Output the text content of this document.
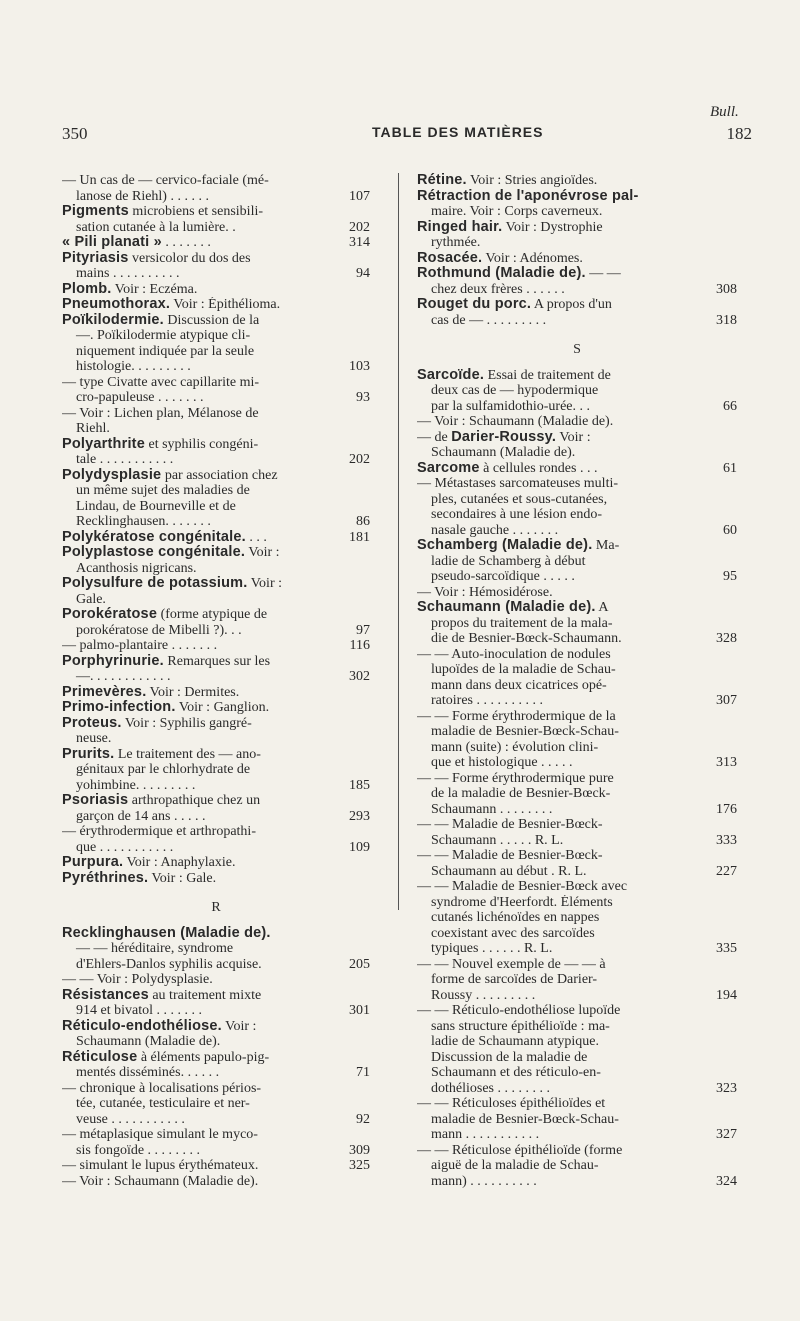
Bull.
350	TABLE DES MATIÈRES	182
— Un cas de — cervico-faciale (mé-
lanose de Riehl) . . . . . .	107
Pigments microbiens et sensibili-
sation cutanée à la lumière. .	202
« Pili planati » . . . . . . .	314
Pityriasis versicolor du dos des
mains . . . . . . . . . .	94
Plomb. Voir : Eczéma.
Pneumothorax. Voir : Épithélioma.
Poïkilodermie. Discussion de la
—. Poïkilodermie atypique cli-
niquement indiquée par la seule
histologie. . . . . . . . .	103
— type Civatte avec capillarite mi-
cro-papuleuse . . . . . . .	93
— Voir : Lichen plan, Mélanose de
Riehl.
Polyarthrite et syphilis congéni-
tale . . . . . . . . . . .	202
Polydysplasie par association chez
un même sujet des maladies de
Lindau, de Bourneville et de
Recklinghausen. . . . . . .	86
Polykératose congénitale. . . .	181
Polyplastose congénitale. Voir :
Acanthosis nigricans.
Polysulfure de potassium. Voir :
Gale.
Porokératose (forme atypique de
porokératose de Mibelli ?). . .	97
— palmo-plantaire . . . . . . .	116
Porphyrinurie. Remarques sur les
—. . . . . . . . . . . .	302
Primevères. Voir : Dermites.
Primo-infection. Voir : Ganglion.
Proteus. Voir : Syphilis gangré-
neuse.
Prurits. Le traitement des — ano-
génitaux par le chlorhydrate de
yohimbine. . . . . . . . .	185
Psoriasis arthropathique chez un
garçon de 14 ans . . . . .	293
— érythrodermique et arthropathi-
que . . . . . . . . . . .	109
Purpura. Voir : Anaphylaxie.
Pyréthrines. Voir : Gale.
R
Recklinghausen (Maladie de).
— — héréditaire, syndrome
d'Ehlers-Danlos syphilis acquise.	205
— — Voir : Polydysplasie.
Résistances au traitement mixte
914 et bivatol . . . . . . .	301
Réticulo-endothéliose. Voir :
Schaumann (Maladie de).
Réticulose à éléments papulo-pig-
mentés disséminés. . . . . .	71
— chronique à localisations périos-
tée, cutanée, testiculaire et ner-
veuse . . . . . . . . . . .	92
— métaplasique simulant le myco-
sis fongoïde . . . . . . . .	309
— simulant le lupus érythémateux.	325
— Voir : Schaumann (Maladie de).
Rétine. Voir : Stries angioïdes.
Rétraction de l'aponévrose pal-
maire. Voir : Corps caverneux.
Ringed hair. Voir : Dystrophie
rythmée.
Rosacée. Voir : Adénomes.
Rothmund (Maladie de). — —
chez deux frères . . . . . .	308
Rouget du porc. A propos d'un
cas de — . . . . . . . . .	318
S
Sarcoïde. Essai de traitement de
deux cas de — hypodermique
par la sulfamidothio-urée. . .	66
— Voir : Schaumann (Maladie de).
— de Darier-Roussy. Voir :
Schaumann (Maladie de).
Sarcome à cellules rondes . . .	61
— Métastases sarcomateuses multi-
ples, cutanées et sous-cutanées,
secondaires à une lésion endo-
nasale gauche . . . . . . .	60
Schamberg (Maladie de). Ma-
ladie de Schamberg à début
pseudo-sarcoïdique . . . . .	95
— Voir : Hémosidérose.
Schaumann (Maladie de). A
propos du traitement de la mala-
die de Besnier-Bœck-Schaumann.	328
— — Auto-inoculation de nodules
lupoïdes de la maladie de Schau-
mann dans deux cicatrices opé-
ratoires . . . . . . . . . .	307
— — Forme érythrodermique de la
maladie de Besnier-Bœck-Schau-
mann (suite) : évolution clini-
que et histologique . . . . .	313
— — Forme érythrodermique pure
de la maladie de Besnier-Bœck-
Schaumann . . . . . . . .	176
— — Maladie de Besnier-Bœck-
Schaumann . . . . . R. L.	333
— — Maladie de Besnier-Bœck-
Schaumann au début . R. L.	227
— — Maladie de Besnier-Bœck avec
syndrome d'Heerfordt. Éléments
cutanés lichénoïdes en nappes
coexistant avec des sarcoïdes
typiques . . . . . . R. L.	335
— — Nouvel exemple de — — à
forme de sarcoïdes de Darier-
Roussy . . . . . . . . .	194
— — Réticulo-endothéliose lupoïde
sans structure épithélioïde : ma-
ladie de Schaumann atypique.
Discussion de la maladie de
Schaumann et des réticulo-en-
dothélioses . . . . . . . .	323
— — Réticuloses épithélioïdes et
maladie de Besnier-Bœck-Schau-
mann . . . . . . . . . . .	327
— — Réticulose épithélioïde (forme
aiguë de la maladie de Schau-
mann) . . . . . . . . . .	324
